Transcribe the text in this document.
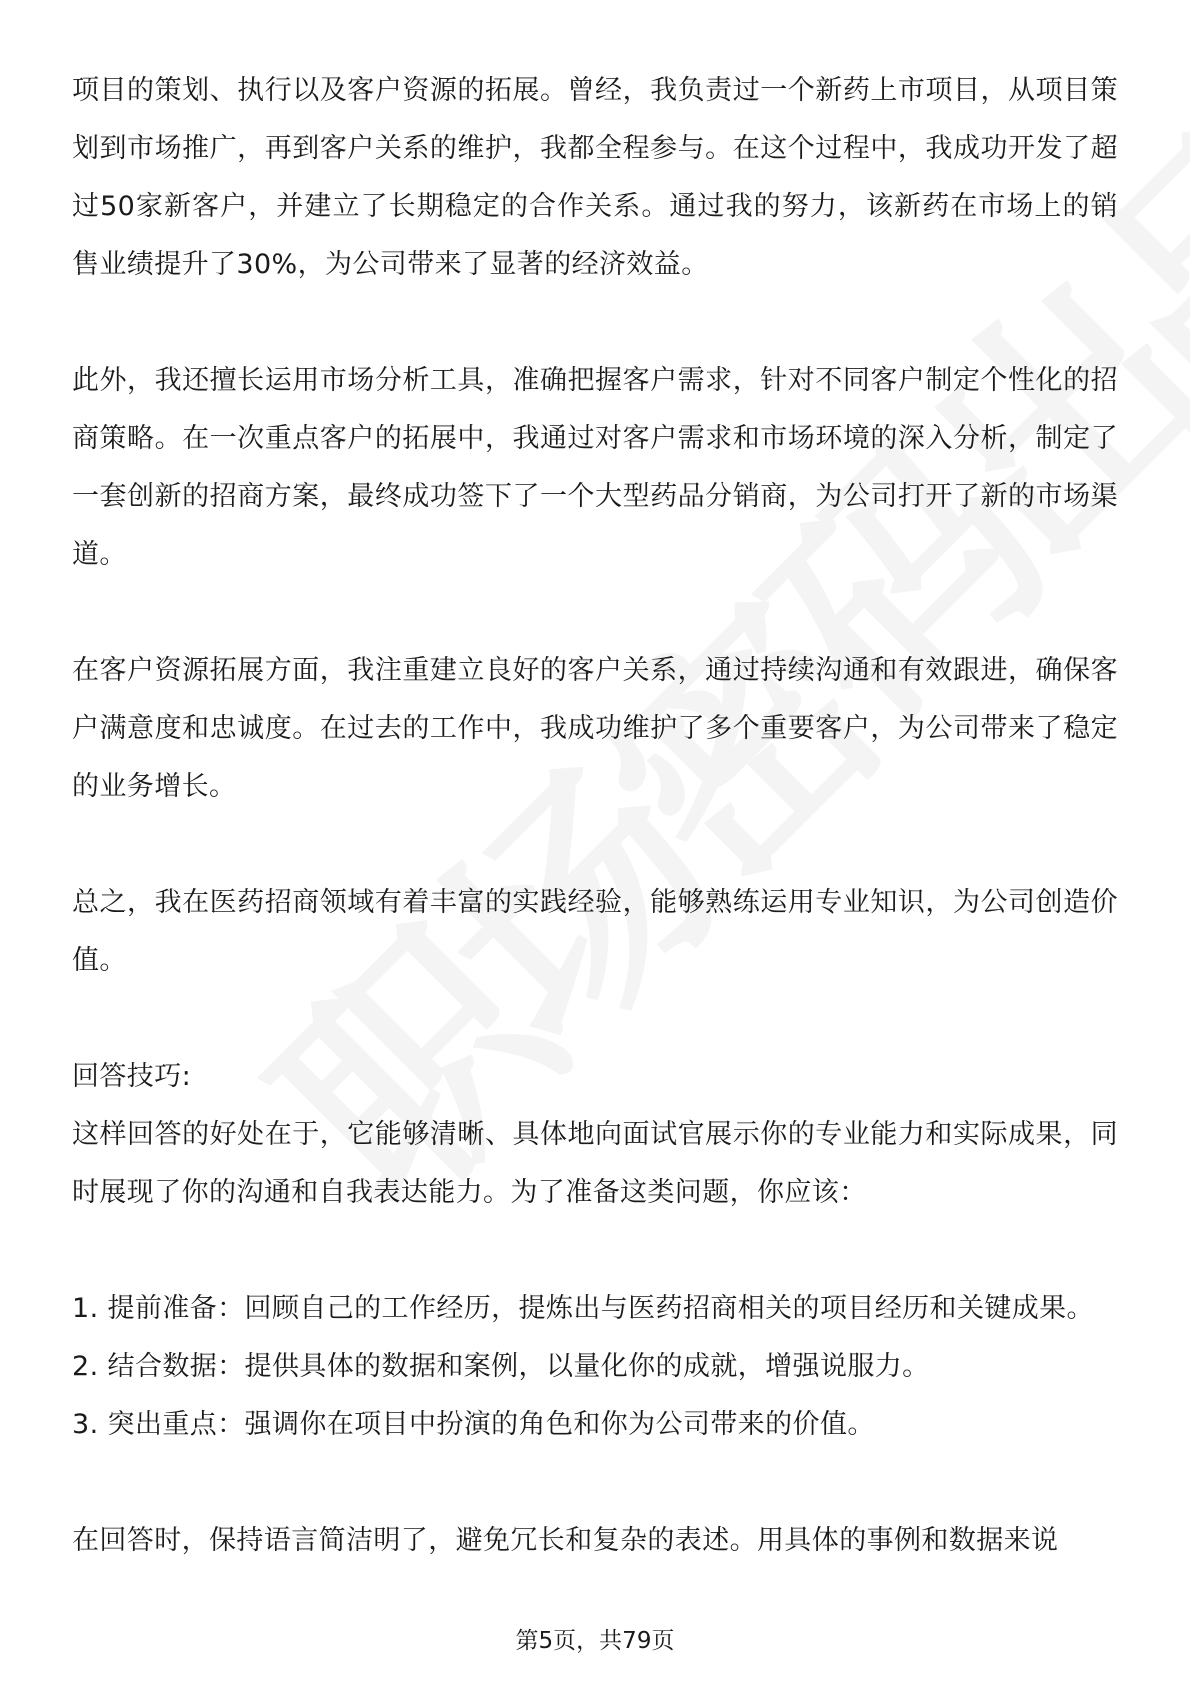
项目的策划、执行以及客户资源的拓展。曾经，我负责过一个新药上市项目，从项目策划到市场推广，再到客户关系的维护，我都全程参与。在这个过程中，我成功开发了超过50家新客户，并建立了长期稳定的合作关系。通过我的努力，该新药在市场上的销售业绩提升了30%，为公司带来了显著的经济效益。

此外，我还擅长运用市场分析工具，准确把握客户需求，针对不同客户制定个性化的招商策略。在一次重点客户的拓展中，我通过对客户需求和市场环境的深入分析，制定了一套创新的招商方案，最终成功签下了一个大型药品分销商，为公司打开了新的市场渠道。

在客户资源拓展方面，我注重建立良好的客户关系，通过持续沟通和有效跟进，确保客户满意度和忠诚度。在过去的工作中，我成功维护了多个重要客户，为公司带来了稳定的业务增长。

总之，我在医药招商领域有着丰富的实践经验，能够熟练运用专业知识，为公司创造价值。

回答技巧:

这样回答的好处在于，它能够清晰、具体地向面试官展示你的专业能力和实际成果，同时展现了你的沟通和自我表达能力。为了准备这类问题，你应该：

1. 提前准备：回顾自己的工作经历，提炼出与医药招商相关的项目经历和关键成果。

2. 结合数据：提供具体的数据和案例，以量化你的成就，增强说服力。

3. 突出重点：强调你在项目中扮演的角色和你为公司带来的价值。

在回答时，保持语言简洁明了，避免冗长和复杂的表述。用具体的事例和数据来说

第5页，共79页
